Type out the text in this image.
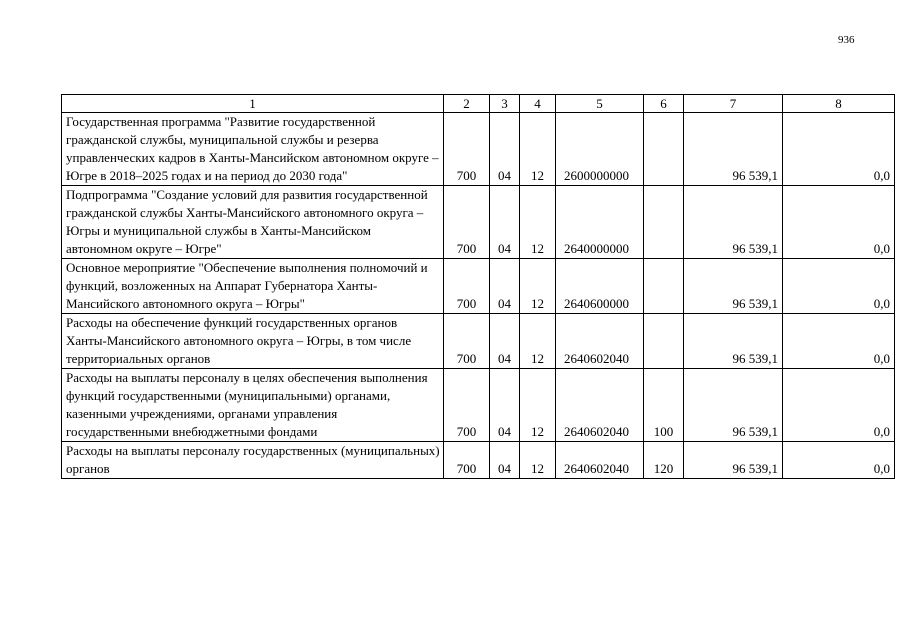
936
1	2	3	4	5	6	7	8
Государственная программа "Развитие государственной гражданской службы, муниципальной службы и резерва управленческих кадров в Ханты-Мансийском автономном округе – Югре в 2018–2025 годах и на период до 2030 года"	700	04	12	2600000000		96 539,1	0,0
Подпрограмма "Создание условий для развития государственной гражданской службы Ханты-Мансийского автономного округа – Югры и муниципальной службы в Ханты-Мансийском автономном округе – Югре"	700	04	12	2640000000		96 539,1	0,0
Основное мероприятие "Обеспечение выполнения полномочий и функций, возложенных на Аппарат Губернатора Ханты-Мансийского автономного округа – Югры"	700	04	12	2640600000		96 539,1	0,0
Расходы на обеспечение функций государственных органов Ханты-Мансийского автономного округа – Югры, в том числе территориальных органов	700	04	12	2640602040		96 539,1	0,0
Расходы на выплаты персоналу в целях обеспечения выполнения функций государственными (муниципальными) органами, казенными учреждениями, органами управления государственными внебюджетными фондами	700	04	12	2640602040	100	96 539,1	0,0
Расходы на выплаты персоналу государственных (муниципальных) органов	700	04	12	2640602040	120	96 539,1	0,0
